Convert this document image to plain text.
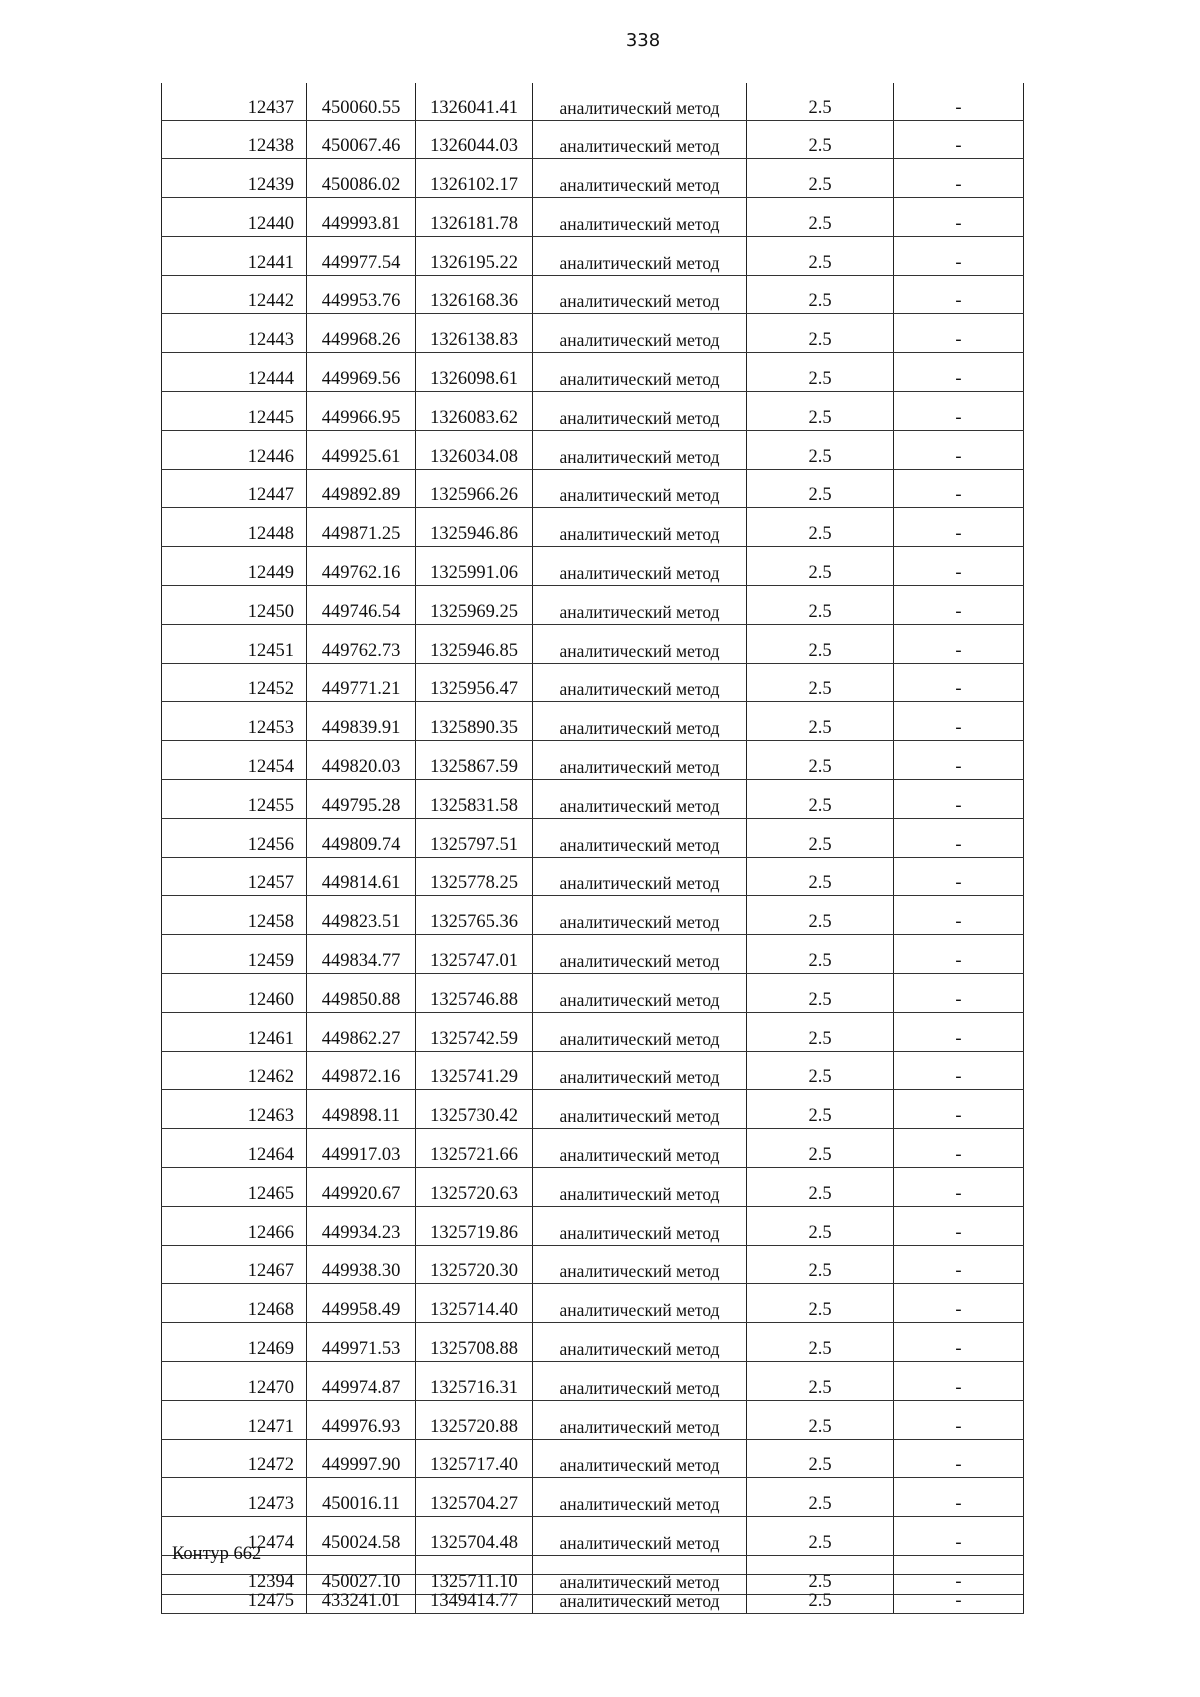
338
12437	450060.55	1326041.41	аналитический метод	2.5	-
12438	450067.46	1326044.03	аналитический метод	2.5	-
12439	450086.02	1326102.17	аналитический метод	2.5	-
12440	449993.81	1326181.78	аналитический метод	2.5	-
12441	449977.54	1326195.22	аналитический метод	2.5	-
12442	449953.76	1326168.36	аналитический метод	2.5	-
12443	449968.26	1326138.83	аналитический метод	2.5	-
12444	449969.56	1326098.61	аналитический метод	2.5	-
12445	449966.95	1326083.62	аналитический метод	2.5	-
12446	449925.61	1326034.08	аналитический метод	2.5	-
12447	449892.89	1325966.26	аналитический метод	2.5	-
12448	449871.25	1325946.86	аналитический метод	2.5	-
12449	449762.16	1325991.06	аналитический метод	2.5	-
12450	449746.54	1325969.25	аналитический метод	2.5	-
12451	449762.73	1325946.85	аналитический метод	2.5	-
12452	449771.21	1325956.47	аналитический метод	2.5	-
12453	449839.91	1325890.35	аналитический метод	2.5	-
12454	449820.03	1325867.59	аналитический метод	2.5	-
12455	449795.28	1325831.58	аналитический метод	2.5	-
12456	449809.74	1325797.51	аналитический метод	2.5	-
12457	449814.61	1325778.25	аналитический метод	2.5	-
12458	449823.51	1325765.36	аналитический метод	2.5	-
12459	449834.77	1325747.01	аналитический метод	2.5	-
12460	449850.88	1325746.88	аналитический метод	2.5	-
12461	449862.27	1325742.59	аналитический метод	2.5	-
12462	449872.16	1325741.29	аналитический метод	2.5	-
12463	449898.11	1325730.42	аналитический метод	2.5	-
12464	449917.03	1325721.66	аналитический метод	2.5	-
12465	449920.67	1325720.63	аналитический метод	2.5	-
12466	449934.23	1325719.86	аналитический метод	2.5	-
12467	449938.30	1325720.30	аналитический метод	2.5	-
12468	449958.49	1325714.40	аналитический метод	2.5	-
12469	449971.53	1325708.88	аналитический метод	2.5	-
12470	449974.87	1325716.31	аналитический метод	2.5	-
12471	449976.93	1325720.88	аналитический метод	2.5	-
12472	449997.90	1325717.40	аналитический метод	2.5	-
12473	450016.11	1325704.27	аналитический метод	2.5	-
12474	450024.58	1325704.48	аналитический метод	2.5	-
12394	450027.10	1325711.10	аналитический метод	2.5	-
Контур 662
12475	433241.01	1349414.77	аналитический метод	2.5	-
